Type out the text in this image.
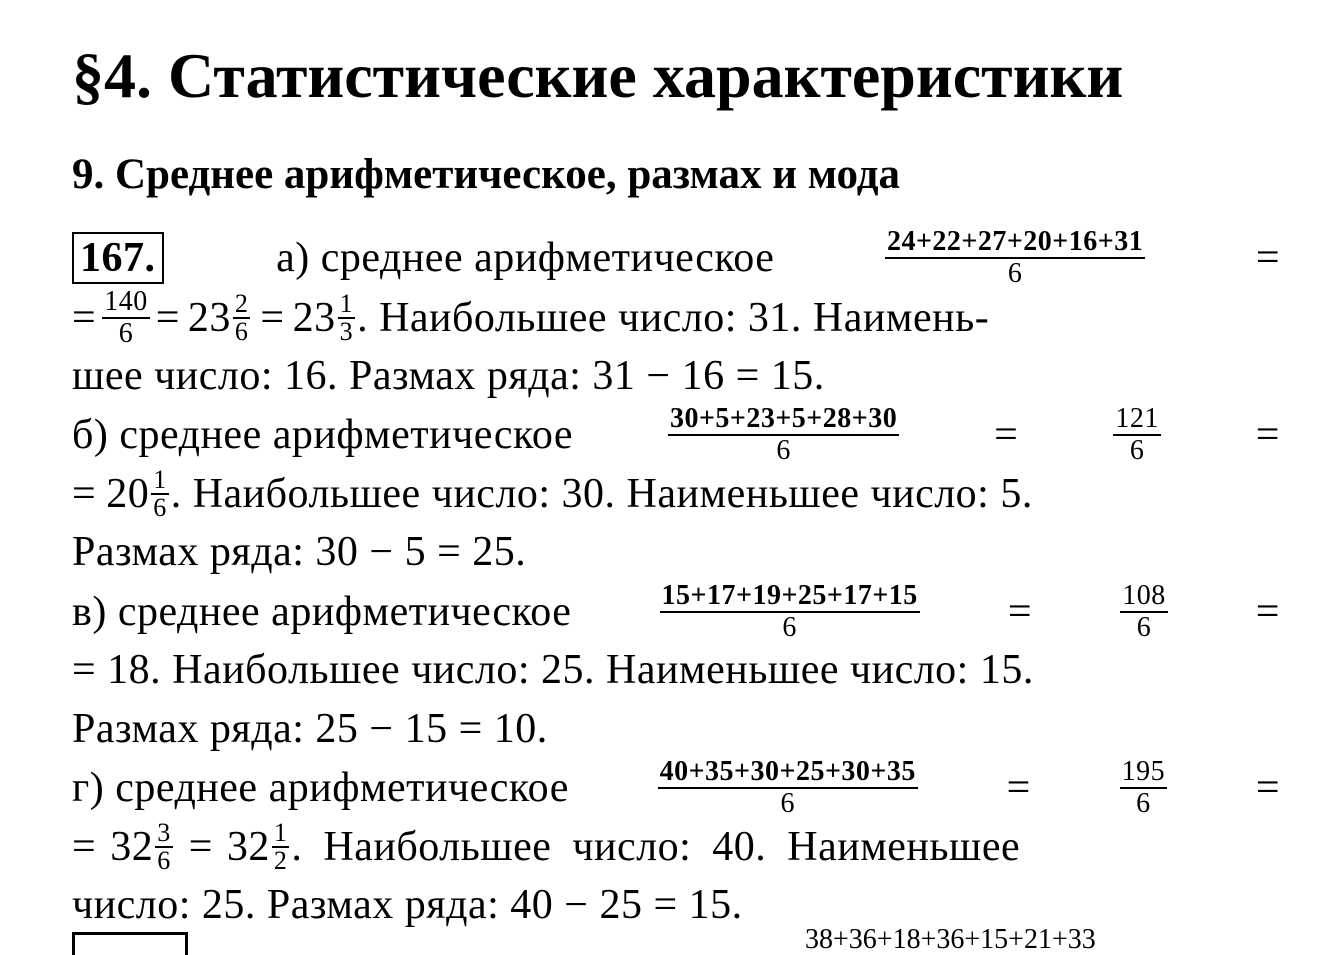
§4. Статистические характеристики
9. Среднее арифметическое, размах и мода
167.	а) среднее арифметическое	$\frac{24+22+27+20+16+31}{6}$	=
= $\frac{140}{6} = 23 \frac{2}{6} = 23 \frac{1}{3}$ . Наибольшее число: 31. Наимень-
шее число: 16. Размах ряда: 31 − 16 = 15.
б) среднее арифметическое	$\frac{30+5+23+5+28+30}{6}$ =	$\frac{121}{6}$ =
= $20 \frac{1}{6}$ . Наибольшее число: 30. Наименьшее число: 5.
Размах ряда: 30 − 5 = 25.
в) среднее арифметическое	$\frac{15+17+19+25+17+15}{6}$ =	$\frac{108}{6}$ =
= 18. Наибольшее число: 25. Наименьшее число: 15.
Размах ряда: 25 − 15 = 10.
г) среднее арифметическое	$\frac{40+35+30+25+30+35}{6}$ =	$\frac{195}{6}$ =
= $32 \frac{3}{6} = 32 \frac{1}{2}$ . Наибольшее число: 40. Наименьшее
число: 25. Размах ряда: 40 − 25 = 15.
38+36+18+36+15+21+33
